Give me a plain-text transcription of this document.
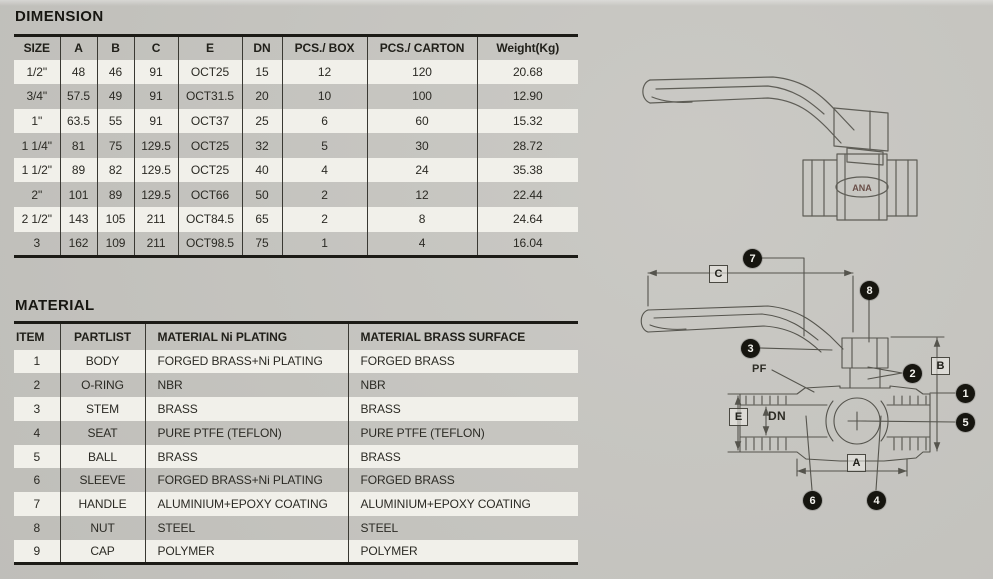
DIMENSION
MATERIAL
SIZE	A	B	C	E	DN	PCS./ BOX	PCS./ CARTON	Weight(Kg)
1/2"	48	46	91	OCT25	15	12	120	20.68
3/4"	57.5	49	91	OCT31.5	20	10	100	12.90
1"	63.5	55	91	OCT37	25	6	60	15.32
1 1/4"	81	75	129.5	OCT25	32	5	30	28.72
1 1/2"	89	82	129.5	OCT25	40	4	24	35.38
2"	101	89	129.5	OCT66	50	2	12	22.44
2 1/2"	143	105	211	OCT84.5	65	2	8	24.64
3	162	109	211	OCT98.5	75	1	4	16.04
ITEM	PARTLIST	MATERIAL Ni PLATING	MATERIAL BRASS SURFACE
1	BODY	FORGED BRASS+Ni PLATING	FORGED BRASS
2	O-RING	NBR	NBR
3	STEM	BRASS	BRASS
4	SEAT	PURE PTFE (TEFLON)	PURE PTFE (TEFLON)
5	BALL	BRASS	BRASS
6	SLEEVE	FORGED BRASS+Ni PLATING	FORGED BRASS
7	HANDLE	ALUMINIUM+EPOXY COATING	ALUMINIUM+EPOXY COATING
8	NUT	STEEL	STEEL
9	CAP	POLYMER	POLYMER
ANA
C
B
E
A
PF
DN
7
8
3
2
1
5
6	4
